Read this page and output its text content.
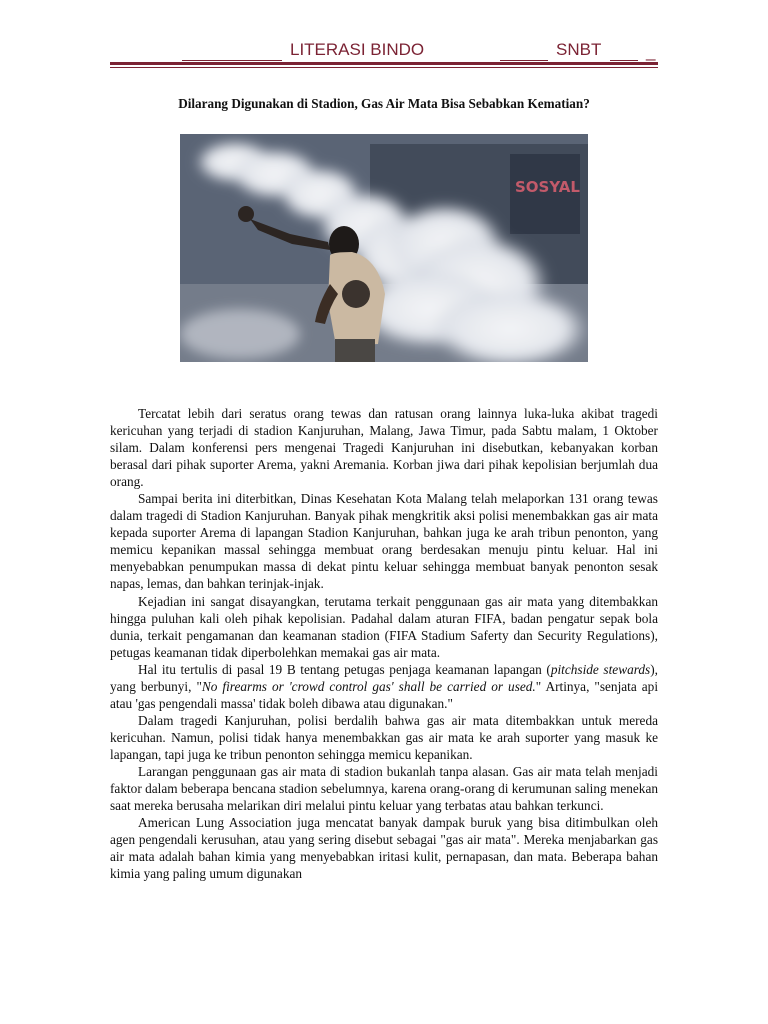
LITERASI BINDO	SNBT	_
Dilarang Digunakan di Stadion, Gas Air Mata Bisa Sebabkan Kematian?
SOSYAL

Tercatat lebih dari seratus orang tewas dan ratusan orang lainnya luka-luka akibat tragedi kericuhan yang terjadi di stadion Kanjuruhan, Malang, Jawa Timur, pada Sabtu malam, 1 Oktober silam. Dalam konferensi pers mengenai Tragedi Kanjuruhan ini disebutkan, kebanyakan korban berasal dari pihak suporter Arema, yakni Aremania. Korban jiwa dari pihak kepolisian berjumlah dua orang.

Sampai berita ini diterbitkan, Dinas Kesehatan Kota Malang telah melaporkan 131 orang tewas dalam tragedi di Stadion Kanjuruhan. Banyak pihak mengkritik aksi polisi menembakkan gas air mata kepada suporter Arema di lapangan Stadion Kanjuruhan, bahkan juga ke arah tribun penonton, yang memicu kepanikan massal sehingga membuat orang berdesakan menuju pintu keluar. Hal ini menyebabkan penumpukan massa di dekat pintu keluar sehingga membuat banyak penonton sesak napas, lemas, dan bahkan terinjak-injak.

Kejadian ini sangat disayangkan, terutama terkait penggunaan gas air mata yang ditembakkan hingga puluhan kali oleh pihak kepolisian. Padahal dalam aturan FIFA, badan pengatur sepak bola dunia, terkait pengamanan dan keamanan stadion (FIFA Stadium Saferty dan Security Regulations), petugas keamanan tidak diperbolehkan memakai gas air mata.

Hal itu tertulis di pasal 19 B tentang petugas penjaga keamanan lapangan (pitchside stewards), yang berbunyi, "No firearms or 'crowd control gas' shall be carried or used." Artinya, "senjata api atau 'gas pengendali massa' tidak boleh dibawa atau digunakan."

Dalam tragedi Kanjuruhan, polisi berdalih bahwa gas air mata ditembakkan untuk mereda kericuhan. Namun, polisi tidak hanya menembakkan gas air mata ke arah suporter yang masuk ke lapangan, tapi juga ke tribun penonton sehingga memicu kepanikan.

Larangan penggunaan gas air mata di stadion bukanlah tanpa alasan. Gas air mata telah menjadi faktor dalam beberapa bencana stadion sebelumnya, karena orang-orang di kerumunan saling menekan saat mereka berusaha melarikan diri melalui pintu keluar yang terbatas atau bahkan terkunci.

American Lung Association juga mencatat banyak dampak buruk yang bisa ditimbulkan oleh agen pengendali kerusuhan, atau yang sering disebut sebagai "gas air mata". Mereka menjabarkan gas air mata adalah bahan kimia yang menyebabkan iritasi kulit, pernapasan, dan mata. Beberapa bahan kimia yang paling umum digunakan
